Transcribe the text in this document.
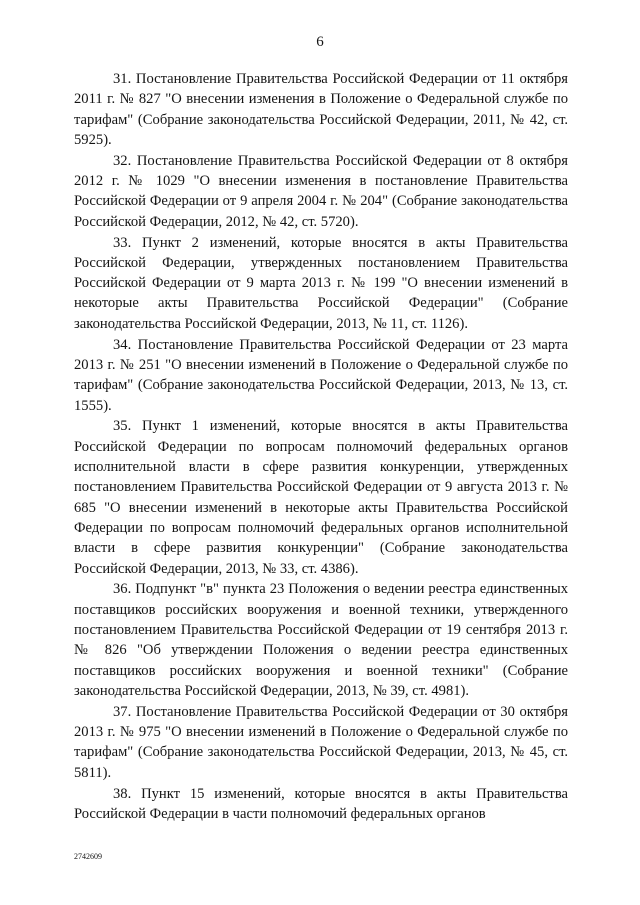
6

31. Постановление Правительства Российской Федерации от 11 октября 2011 г. № 827 "О внесении изменения в Положение о Федеральной службе по тарифам" (Собрание законодательства Российской Федерации, 2011, № 42, ст. 5925).

32. Постановление Правительства Российской Федерации от 8 октября 2012 г. № 1029 "О внесении изменения в постановление Правительства Российской Федерации от 9 апреля 2004 г. № 204" (Собрание законодательства Российской Федерации, 2012, № 42, ст. 5720).

33. Пункт 2 изменений, которые вносятся в акты Правительства Российской Федерации, утвержденных постановлением Правительства Российской Федерации от 9 марта 2013 г. № 199 "О внесении изменений в некоторые акты Правительства Российской Федерации" (Собрание законодательства Российской Федерации, 2013, № 11, ст. 1126).

34. Постановление Правительства Российской Федерации от 23 марта 2013 г. № 251 "О внесении изменений в Положение о Федеральной службе по тарифам" (Собрание законодательства Российской Федерации, 2013, № 13, ст. 1555).

35. Пункт 1 изменений, которые вносятся в акты Правительства Российской Федерации по вопросам полномочий федеральных органов исполнительной власти в сфере развития конкуренции, утвержденных постановлением Правительства Российской Федерации от 9 августа 2013 г. № 685 "О внесении изменений в некоторые акты Правительства Российской Федерации по вопросам полномочий федеральных органов исполнительной власти в сфере развития конкуренции" (Собрание законодательства Российской Федерации, 2013, № 33, ст. 4386).

36. Подпункт "в" пункта 23 Положения о ведении реестра единственных поставщиков российских вооружения и военной техники, утвержденного постановлением Правительства Российской Федерации от 19 сентября 2013 г. № 826 "Об утверждении Положения о ведении реестра единственных поставщиков российских вооружения и военной техники" (Собрание законодательства Российской Федерации, 2013, № 39, ст. 4981).

37. Постановление Правительства Российской Федерации от 30 октября 2013 г. № 975 "О внесении изменений в Положение о Федеральной службе по тарифам" (Собрание законодательства Российской Федерации, 2013, № 45, ст. 5811).

38. Пункт 15 изменений, которые вносятся в акты Правительства Российской Федерации в части полномочий федеральных органов

2742609
